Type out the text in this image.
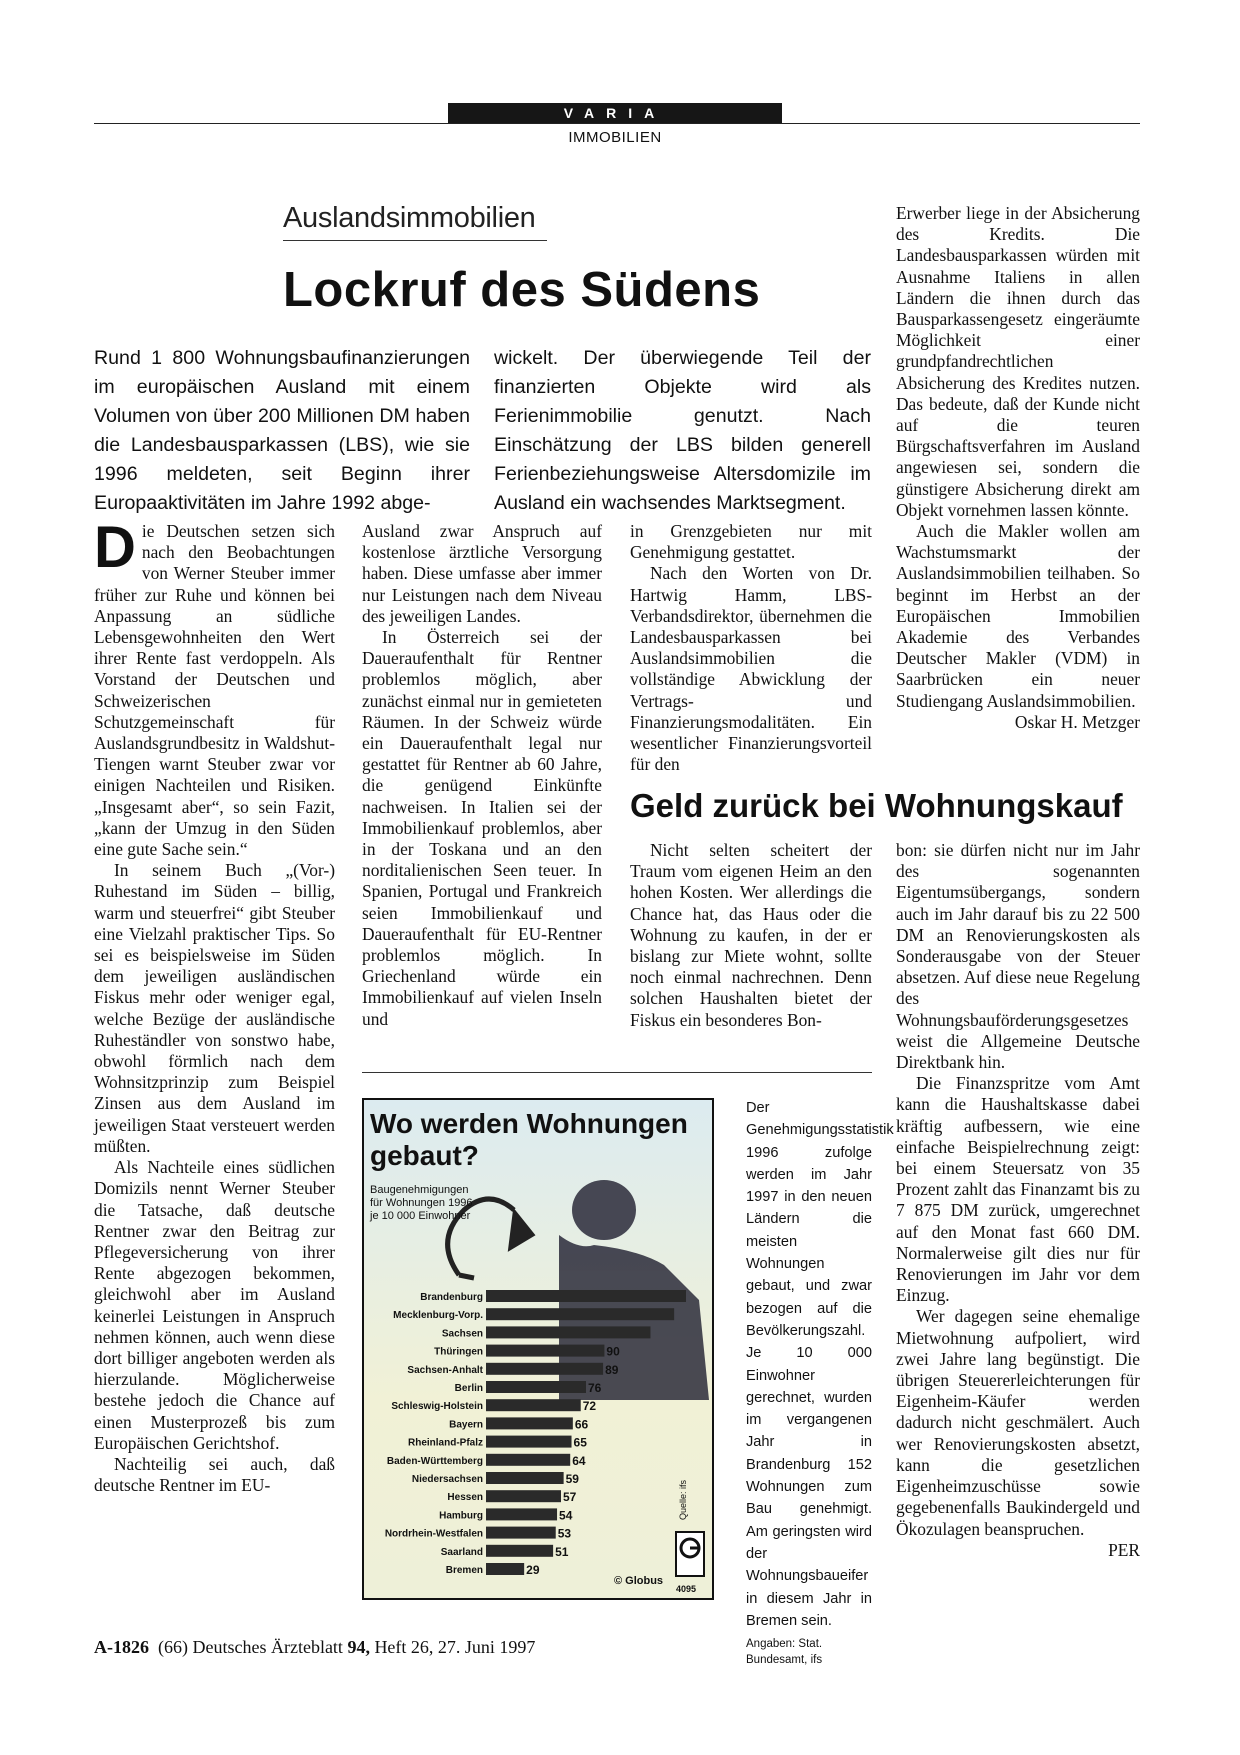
VARIA
IMMOBILIEN
Auslandsimmobilien
Lockruf des Südens

Rund 1 800 Wohnungsbaufinanzierungen im europäischen Ausland mit einem Volumen von über 200 Millionen DM haben die Landesbausparkassen (LBS), wie sie 1996 meldeten, seit Beginn ihrer Europaaktivitäten im Jahre 1992 abge-

wickelt. Der überwiegende Teil der finanzierten Objekte wird als Ferienimmobilie genutzt. Nach Einschätzung der LBS bilden generell Ferienbeziehungsweise Altersdomizile im Ausland ein wachsendes Marktsegment.

Die Deutschen setzen sich nach den Beobachtungen von Werner Steuber immer früher zur Ruhe und können bei Anpassung an südliche Lebensgewohnheiten den Wert ihrer Rente fast verdoppeln. Als Vorstand der Deutschen und Schweizerischen Schutzgemeinschaft für Auslandsgrundbesitz in Waldshut-Tiengen warnt Steuber zwar vor einigen Nachteilen und Risiken. „Insgesamt aber“, so sein Fazit, „kann der Umzug in den Süden eine gute Sache sein.“

In seinem Buch „(Vor-) Ruhestand im Süden – billig, warm und steuerfrei“ gibt Steuber eine Vielzahl praktischer Tips. So sei es beispielsweise im Süden dem jeweiligen ausländischen Fiskus mehr oder weniger egal, welche Bezüge der ausländische Ruheständler von sonstwo habe, obwohl förmlich nach dem Wohnsitzprinzip zum Beispiel Zinsen aus dem Ausland im jeweiligen Staat versteuert werden müßten.

Als Nachteile eines südlichen Domizils nennt Werner Steuber die Tatsache, daß deutsche Rentner zwar den Beitrag zur Pflegeversicherung von ihrer Rente abgezogen bekommen, gleichwohl aber im Ausland keinerlei Leistungen in Anspruch nehmen können, auch wenn diese dort billiger angeboten werden als hierzulande. Möglicherweise bestehe jedoch die Chance auf einen Musterprozeß bis zum Europäischen Gerichtshof.

Nachteilig sei auch, daß deutsche Rentner im EU-

Ausland zwar Anspruch auf kostenlose ärztliche Versorgung haben. Diese umfasse aber immer nur Leistungen nach dem Niveau des jeweiligen Landes.

In Österreich sei der Daueraufenthalt für Rentner problemlos möglich, aber zunächst einmal nur in gemieteten Räumen. In der Schweiz würde ein Daueraufenthalt legal nur gestattet für Rentner ab 60 Jahre, die genügend Einkünfte nachweisen. In Italien sei der Immobilienkauf problemlos, aber in der Toskana und an den norditalienischen Seen teuer. In Spanien, Portugal und Frankreich seien Immobilienkauf und Daueraufenthalt für EU-Rentner problemlos möglich. In Griechenland würde ein Immobilienkauf auf vielen Inseln und

in Grenzgebieten nur mit Genehmigung gestattet.

Nach den Worten von Dr. Hartwig Hamm, LBS-Verbandsdirektor, übernehmen die Landesbausparkassen bei Auslandsimmobilien die vollständige Abwicklung der Vertrags- und Finanzierungsmodalitäten. Ein wesentlicher Finanzierungsvorteil für den

Erwerber liege in der Absicherung des Kredits. Die Landesbausparkassen würden mit Ausnahme Italiens in allen Ländern die ihnen durch das Bausparkassengesetz eingeräumte Möglichkeit einer grundpfandrechtlichen Absicherung des Kredites nutzen. Das bedeute, daß der Kunde nicht auf die teuren Bürgschaftsverfahren im Ausland angewiesen sei, sondern die günstigere Absicherung direkt am Objekt vornehmen lassen könnte.

Auch die Makler wollen am Wachstumsmarkt der Auslandsimmobilien teilhaben. So beginnt im Herbst an der Europäischen Immobilien Akademie des Verbandes Deutscher Makler (VDM) in Saarbrücken ein neuer Studiengang Auslandsimmobilien.

Oskar H. Metzger
Geld zurück bei Wohnungskauf

Nicht selten scheitert der Traum vom eigenen Heim an den hohen Kosten. Wer allerdings die Chance hat, das Haus oder die Wohnung zu kaufen, in der er bislang zur Miete wohnt, sollte noch einmal nachrechnen. Denn solchen Haushalten bietet der Fiskus ein besonderes Bon-

bon: sie dürfen nicht nur im Jahr des sogenannten Eigentumsübergangs, sondern auch im Jahr darauf bis zu 22 500 DM an Renovierungskosten als Sonderausgabe von der Steuer absetzen. Auf diese neue Regelung des Wohnungsbauförderungsgesetzes weist die Allgemeine Deutsche Direktbank hin.

Die Finanzspritze vom Amt kann die Haushaltskasse dabei kräftig aufbessern, wie eine einfache Beispielrechnung zeigt: bei einem Steuersatz von 35 Prozent zahlt das Finanzamt bis zu 7 875 DM zurück, umgerechnet auf den Monat fast 660 DM. Normalerweise gilt dies nur für Renovierungen im Jahr vor dem Einzug.

Wer dagegen seine ehemalige Mietwohnung aufpoliert, wird zwei Jahre lang begünstigt. Die übrigen Steuererleichterungen für Eigenheim-Käufer werden dadurch nicht geschmälert. Auch wer Renovierungskosten absetzt, kann die gesetzlichen Eigenheimzuschüsse sowie gegebenenfalls Baukindergeld und Ökozulagen beanspruchen.

PER
Wo werden Wohnungen
gebaut?
Baugenehmigungen
für Wohnungen 1996
je 10 000 Einwohner
Brandenburg
Mecklenburg-Vorp.
Sachsen
Thüringen	90
Sachsen-Anhalt	89
Berlin	76
Schleswig-Holstein	72
Bayern	66
Rheinland-Pfalz	65
Baden-Württemberg	64
Niedersachsen	59
Hessen	57
Hamburg	54
Nordrhein-Westfalen	53
Saarland	51
Bremen	29
© Globus
Quelle: ifs
4095

Der Genehmigungsstatistik 1996 zufolge werden im Jahr 1997 in den neuen Ländern die meisten Wohnungen gebaut, und zwar bezogen auf die Bevölkerungszahl. Je 10 000 Einwohner gerechnet, wurden im vergangenen Jahr in Brandenburg 152 Wohnungen zum Bau genehmigt. Am geringsten wird der Wohnungsbaueifer in diesem Jahr in Bremen sein.

Angaben: Stat. Bundesamt, ifs

A-1826 (66) Deutsches Ärzteblatt 94, Heft 26, 27. Juni 1997
